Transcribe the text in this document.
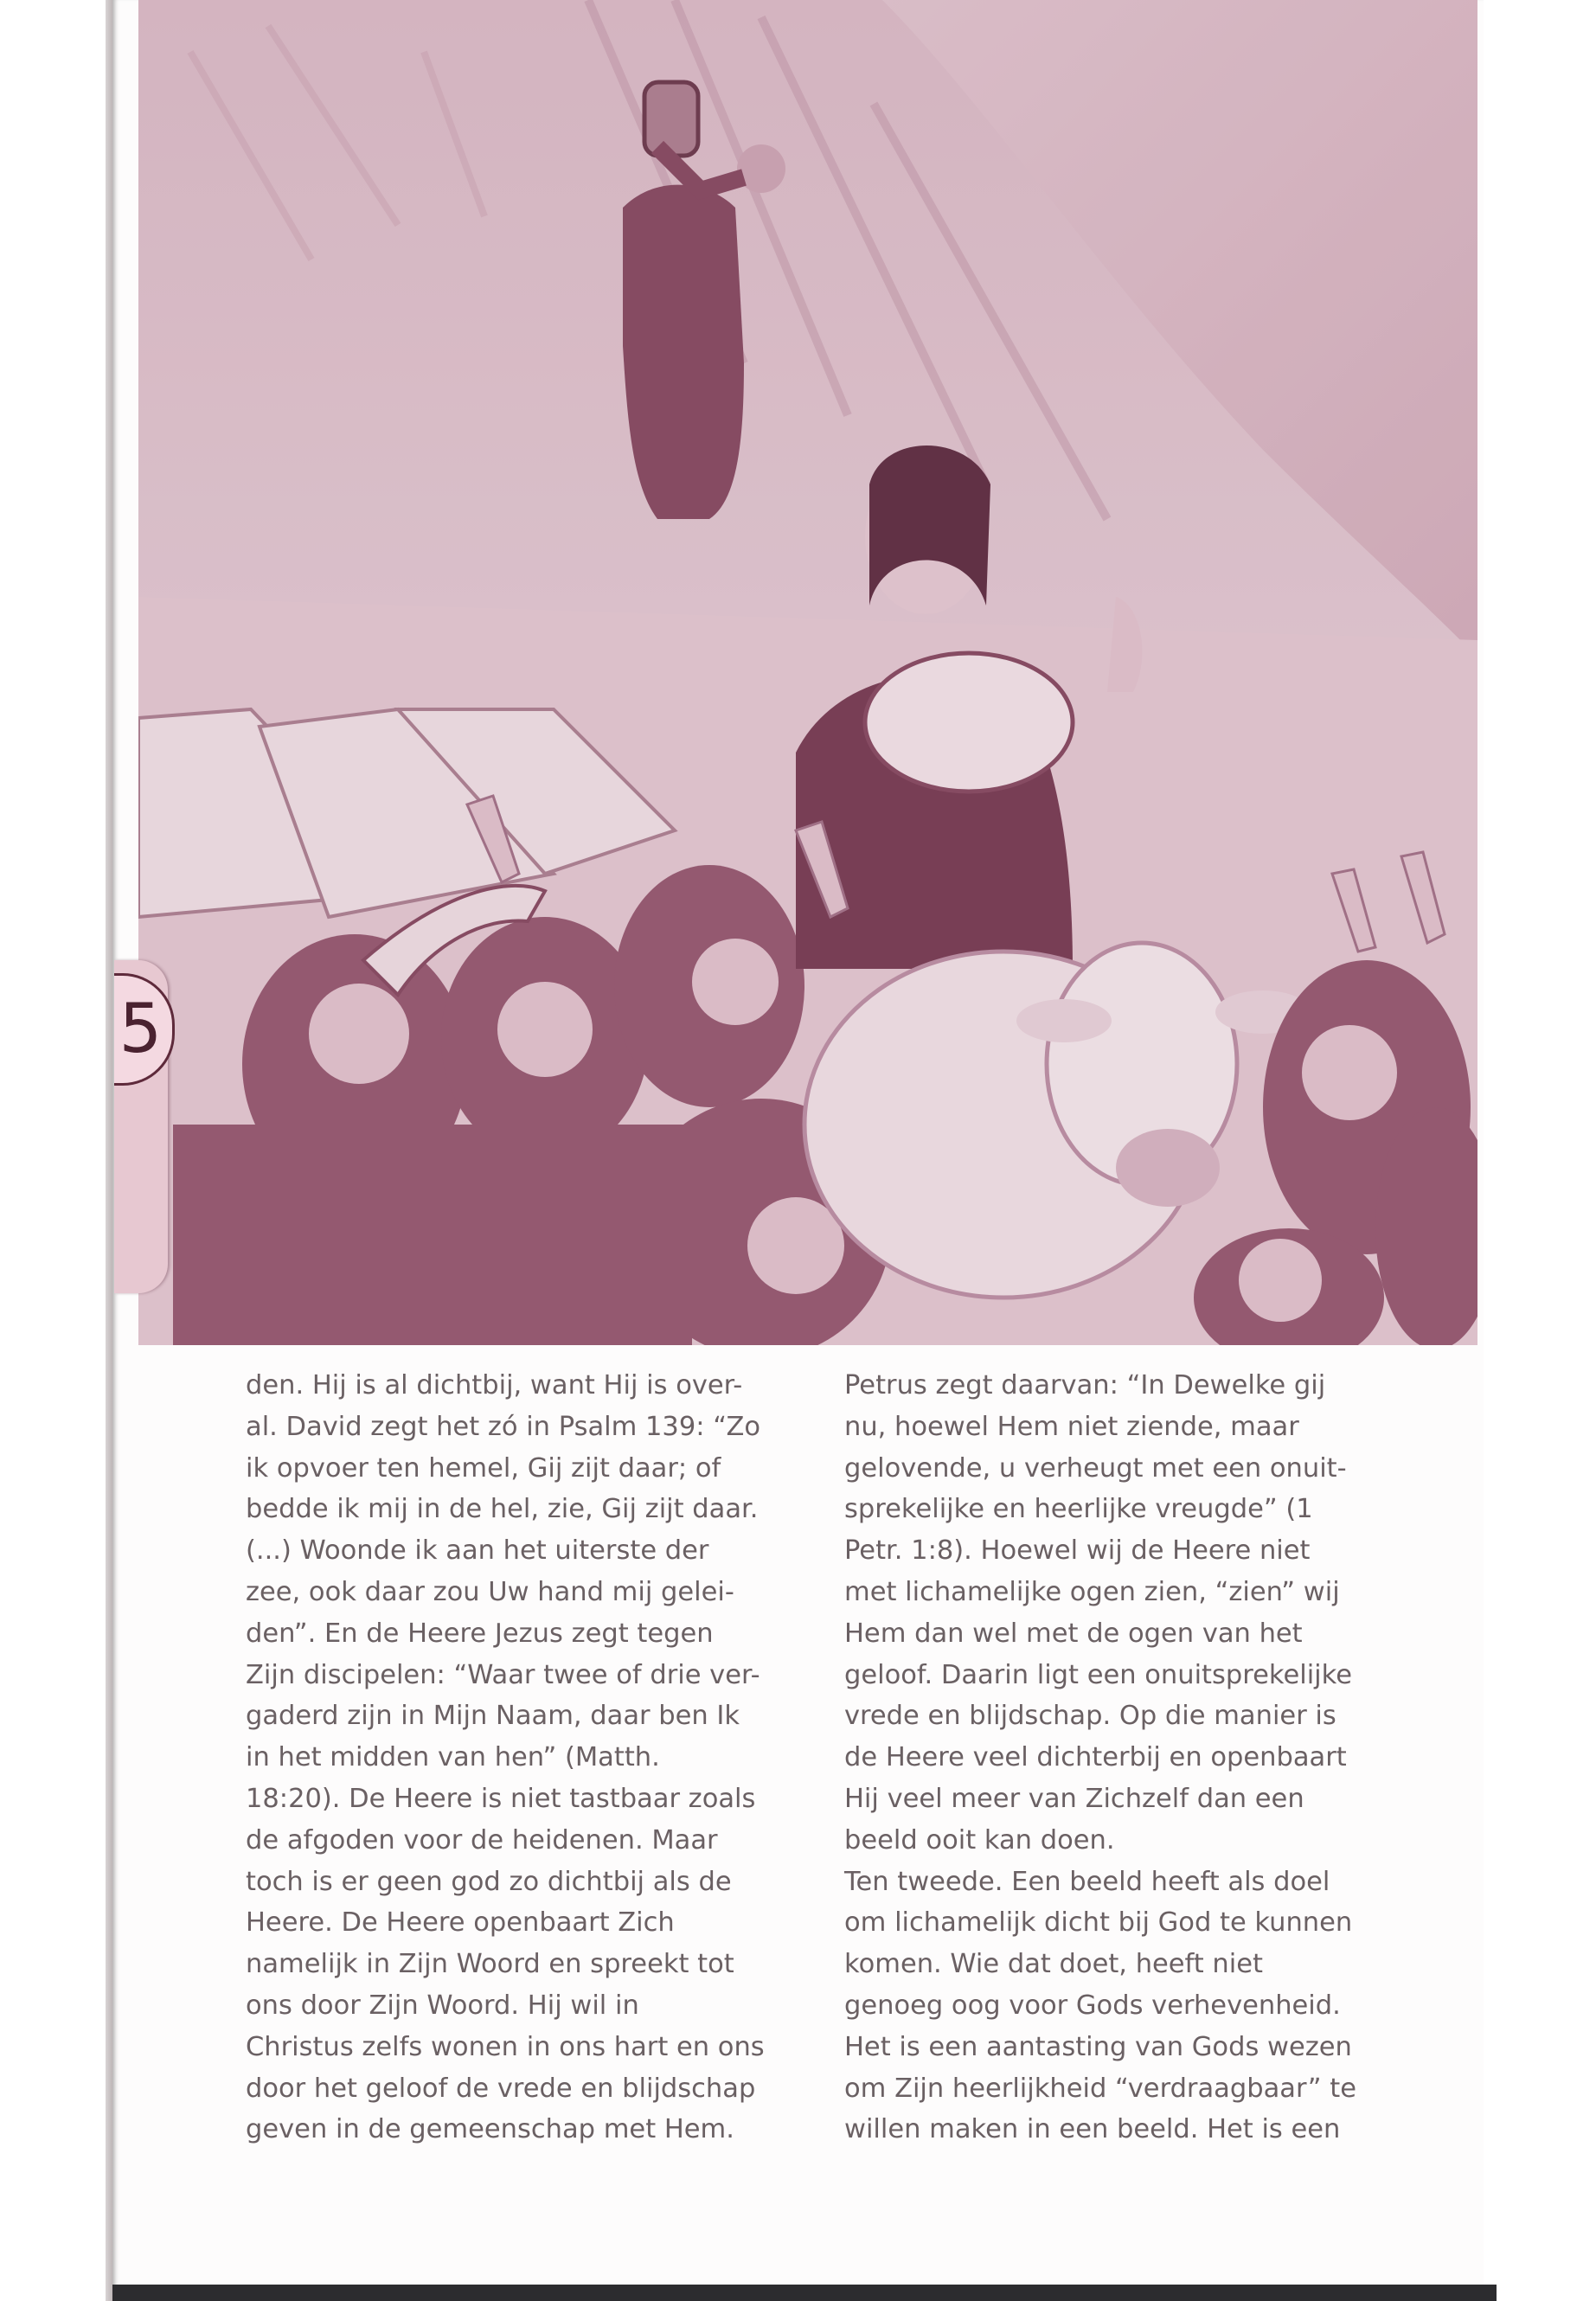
5
den. Hij is al dichtbij, want Hij is over-
al. David zegt het zó in Psalm 139: “Zo
ik opvoer ten hemel, Gij zijt daar; of
bedde ik mij in de hel, zie, Gij zijt daar.
(...) Woonde ik aan het uiterste der
zee, ook daar zou Uw hand mij gelei-
den”. En de Heere Jezus zegt tegen
Zijn discipelen: “Waar twee of drie ver-
gaderd zijn in Mijn Naam, daar ben Ik
in het midden van hen” (Matth.
18:20). De Heere is niet tastbaar zoals
de afgoden voor de heidenen. Maar
toch is er geen god zo dichtbij als de
Heere. De Heere openbaart Zich
namelijk in Zijn Woord en spreekt tot
ons door Zijn Woord. Hij wil in
Christus zelfs wonen in ons hart en ons
door het geloof de vrede en blijdschap
geven in de gemeenschap met Hem.
Petrus zegt daarvan: “In Dewelke gij
nu, hoewel Hem niet ziende, maar
gelovende, u verheugt met een onuit-
sprekelijke en heerlijke vreugde” (1
Petr. 1:8). Hoewel wij de Heere niet
met lichamelijke ogen zien, “zien” wij
Hem dan wel met de ogen van het
geloof. Daarin ligt een onuitsprekelijke
vrede en blijdschap. Op die manier is
de Heere veel dichterbij en openbaart
Hij veel meer van Zichzelf dan een
beeld ooit kan doen.
Ten tweede. Een beeld heeft als doel
om lichamelijk dicht bij God te kunnen
komen. Wie dat doet, heeft niet
genoeg oog voor Gods verhevenheid.
Het is een aantasting van Gods wezen
om Zijn heerlijkheid “verdraagbaar” te
willen maken in een beeld. Het is een
